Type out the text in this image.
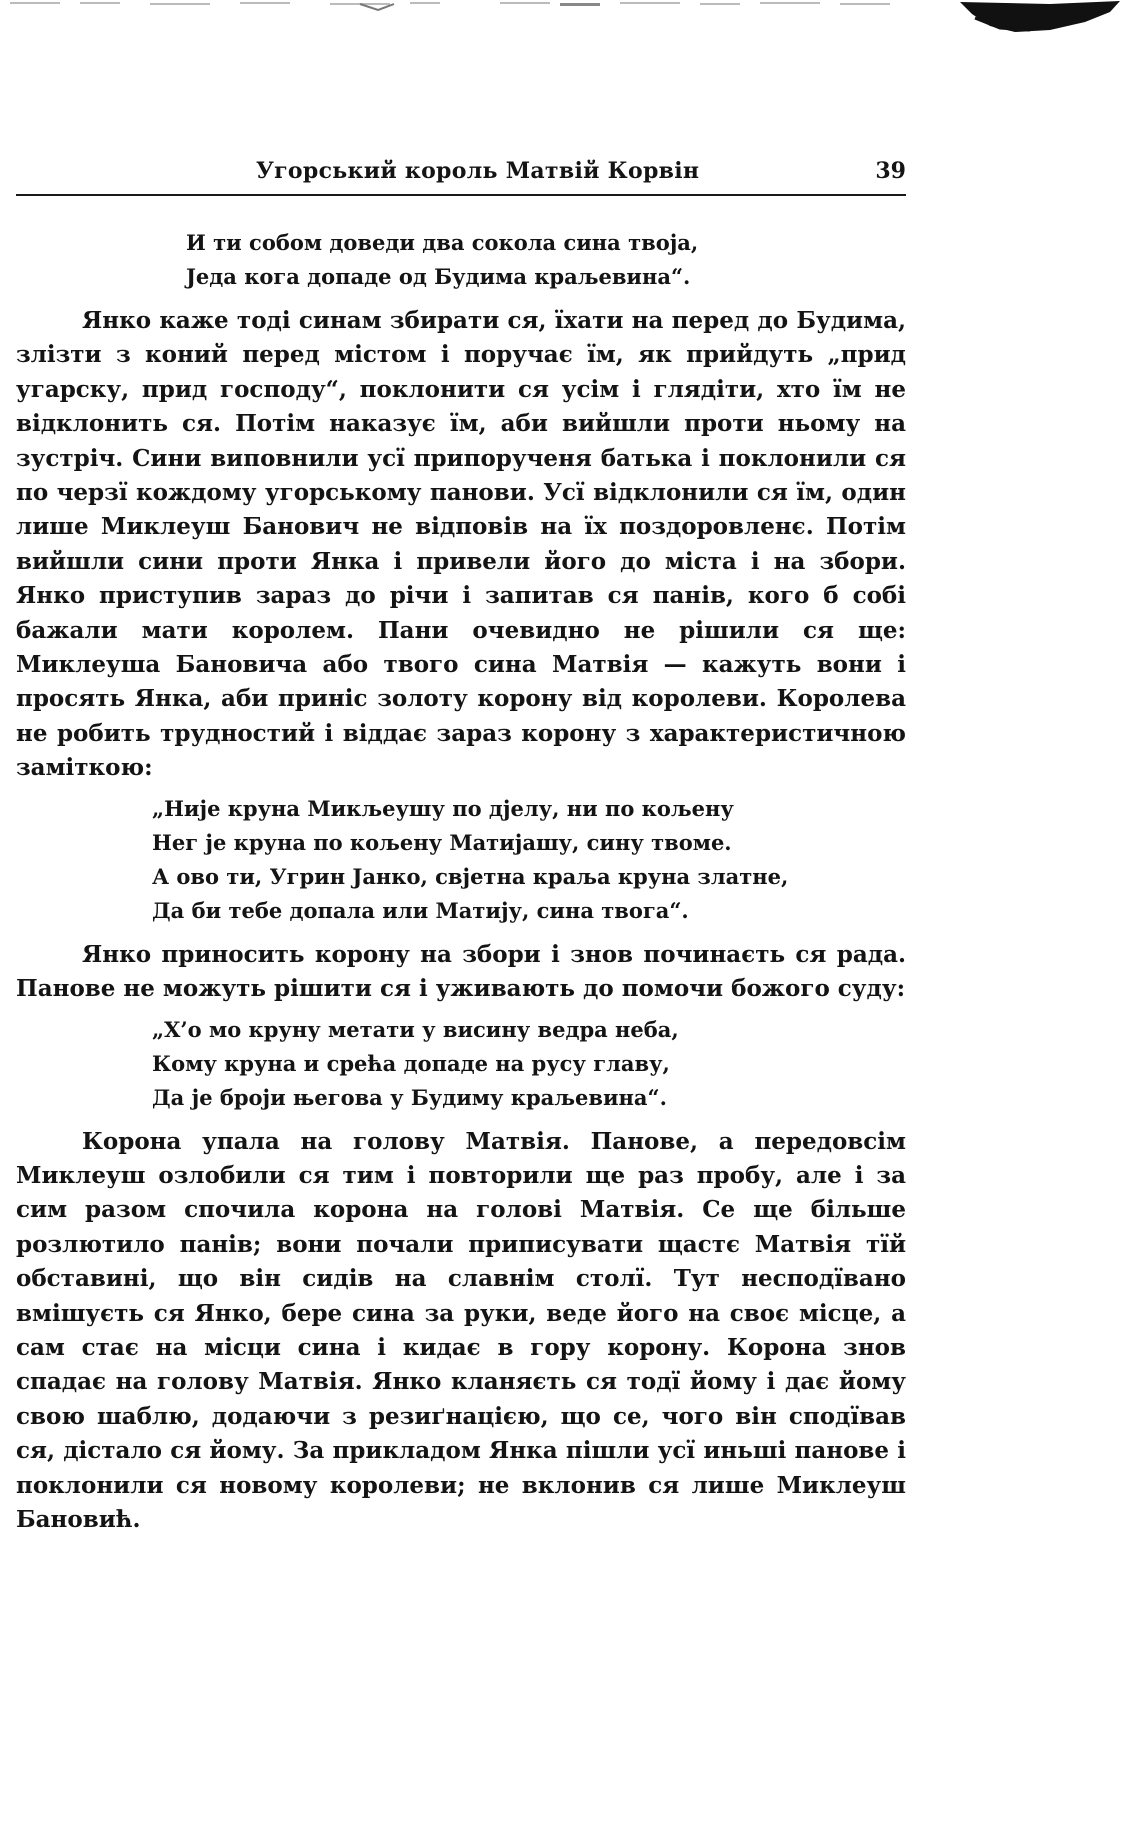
Угорський король Матвій Корвін	39
И ти собом доведи два сокола сина твоја,
Једа кога допаде од Будима краљевина“.

Янко каже тоді синам збирати ся, їхати на перед до Будима, злізти з коний перед містом і поручає їм, як прийдуть „прид угарску, прид господу“, поклонити ся усім і глядіти, хто їм не відклонить ся. Потім наказує їм, аби вийшли проти ньому на зустріч. Сини виповнили усї припорученя батька і поклонили ся по черзї кождому угорському панови. Усї відклонили ся їм, один лише Миклеуш Банович не відповів на їх поздоровленє. Потім вийшли сини проти Янка і привели його до міста і на збори. Янко приступив зараз до річи і запитав ся панів, кого б собі бажали мати королем. Пани очевидно не рішили ся ще: Миклеуша Бановича або твого сина Матвія — кажуть вони і просять Янка, аби приніс золоту корону від королеви. Королева не робить трудностий і віддає зараз корону з характеристичною заміткою:

„Није круна Микљеушу по дјелу, ни по кољену
Нег је круна по кољену Матијашу, сину твоме.
А ово ти, Угрин Јанко, свјетна краља круна златне,
Да би тебе допала или Матију, сина твога“.

Янко приносить корону на збори і знов починаєть ся рада. Панове не можуть рішити ся і уживають до помочи божого суду:

„Х’о мо круну метати у висину ведра неба,
Кому круна и срећа допаде на русу главу,
Да је броји његова у Будиму краљевина“.

Корона упала на голову Матвія. Панове, а передовсім Миклеуш озлобили ся тим і повторили ще раз пробу, але і за сим разом спочила корона на голові Матвія. Се ще більше розлютило панів; вони почали приписувати щастє Матвія тїй обставині, що він сидів на славнім столї. Тут несподїванo вмішуєть ся Янко, бере сина за руки, веде його на своє місце, а сам стає на місци сина і кидає в гору корону. Корона знов спадає на голову Матвія. Янко кланяєть ся тодї йому і дає йому свою шаблю, додаючи з резиґнацією, що се, чого він сподївав ся, дістало ся йому. За прикладом Янка пішли усї иньші панове і поклонили ся новому королеви; не вклонив ся лише Миклеуш Бановић.
